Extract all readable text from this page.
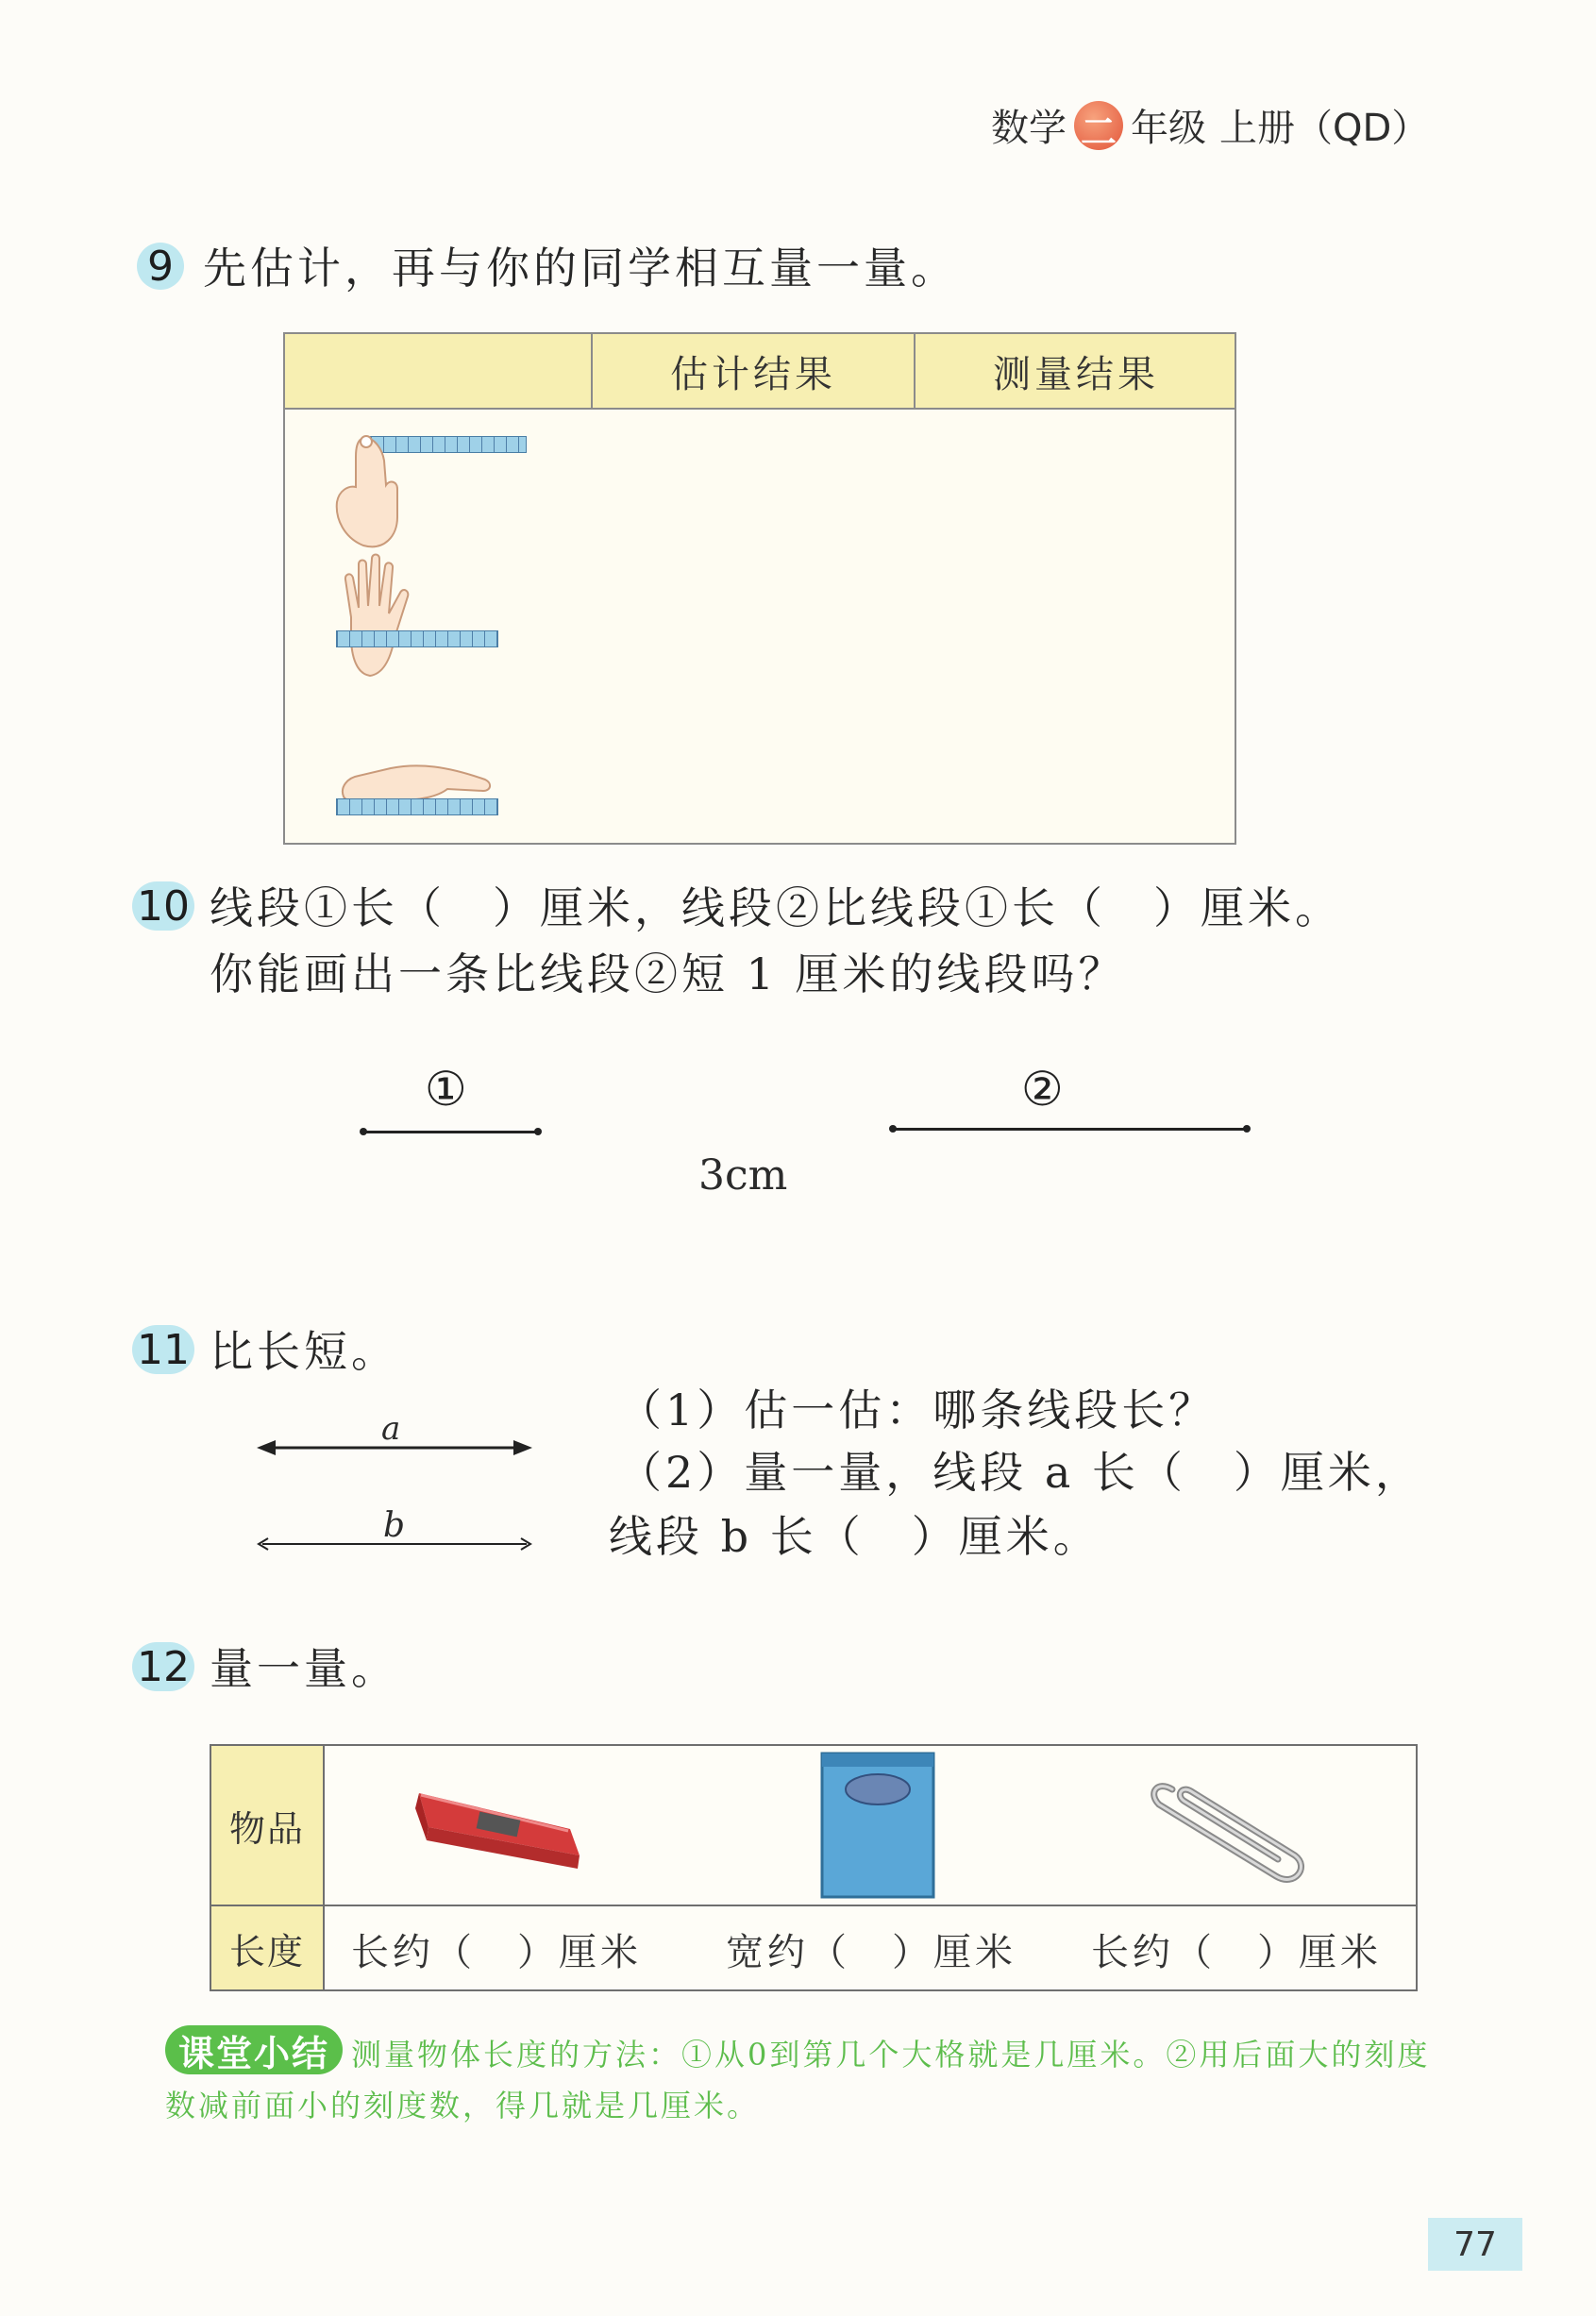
数学 二 年级 上册（QD）
9 先估计，再与你的同学相互量一量。
估计结果	测量结果
10 线段①长（　）厘米，线段②比线段①长（　）厘米。
你能画出一条比线段②短 1 厘米的线段吗？
①
3cm
②
11 比长短。
a
b
（1）估一估：哪条线段长？
（2）量一量，线段 a 长（　）厘米，
线段 b 长（　）厘米。
12 量一量。
物品
长度	长约（　）厘米 宽约（　）厘米 长约（　）厘米
课堂小结 测量物体长度的方法：①从0到第几个大格就是几厘米。②用后面大的刻度
数减前面小的刻度数，得几就是几厘米。
77
